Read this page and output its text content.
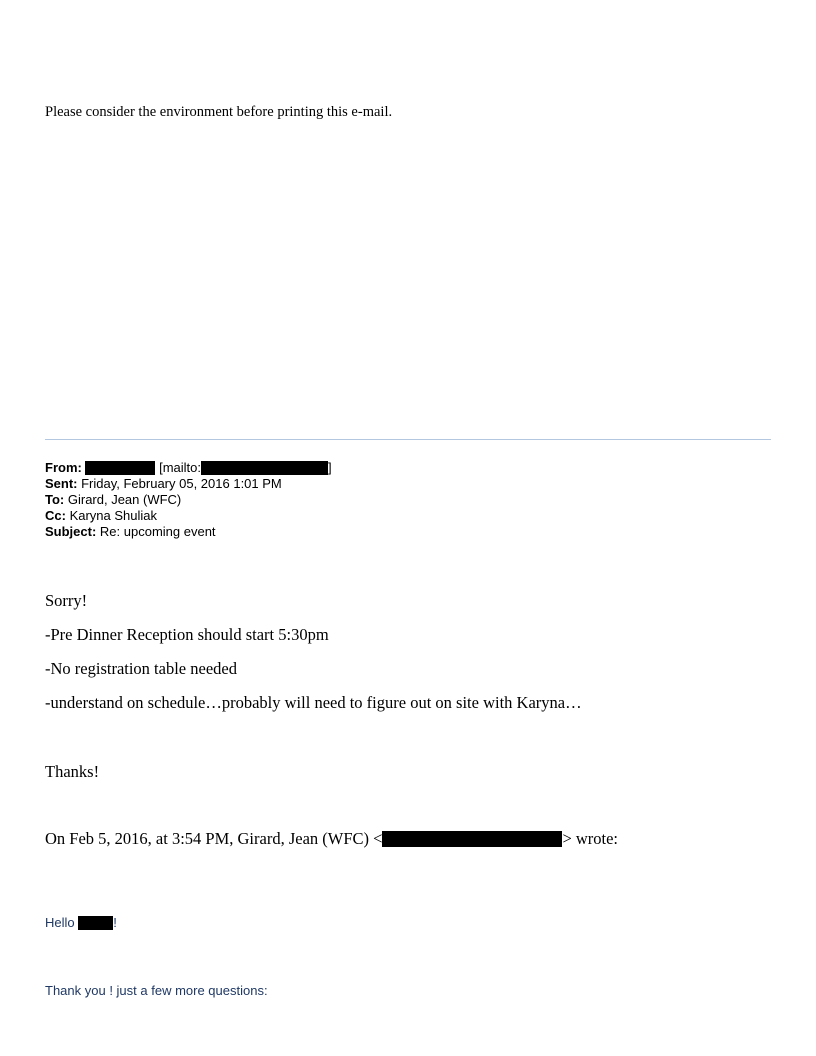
Please consider the environment before printing this e-mail.
From:	[mailto:	]
Sent: Friday, February 05, 2016 1:01 PM
To: Girard, Jean (WFC)
Cc: Karyna Shuliak
Subject: Re: upcoming event
Sorry!
-Pre Dinner Reception should start 5:30pm
-No registration table needed
-understand on schedule…probably will need to figure out on site with Karyna…
Thanks!
On Feb 5, 2016, at 3:54 PM, Girard, Jean (WFC) <	> wrote:
Hello	!
Thank you ! just a few more questions:
